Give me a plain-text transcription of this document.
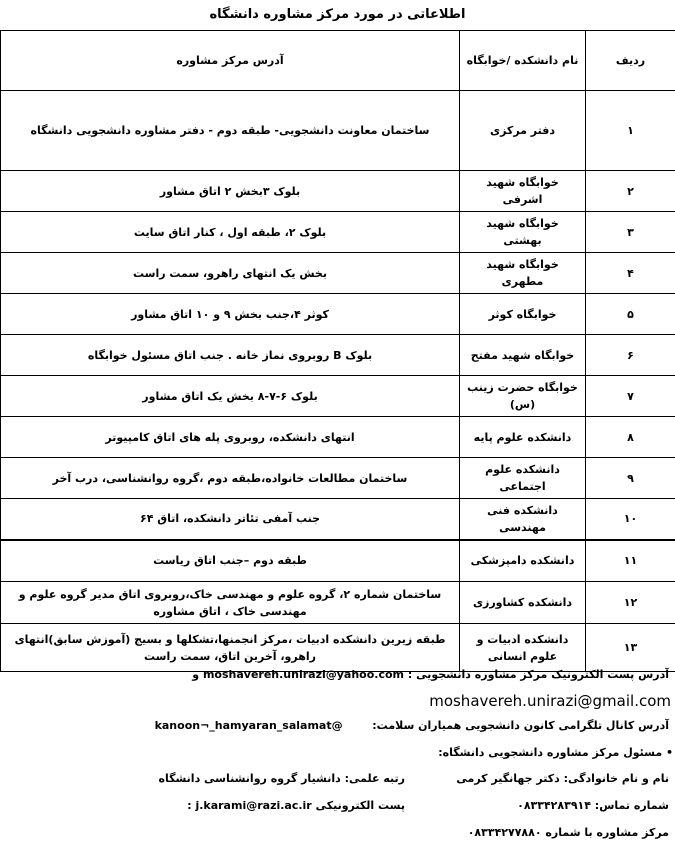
اطلاعاتی در مورد مرکز مشاوره دانشگاه
ردیف	نام دانشکده /خوابگاه	آدرس مرکز مشاوره
۱	دفتر مرکزی	ساختمان معاونت دانشجویی- طبقه دوم - دفتر مشاوره دانشجویی دانشگاه
۲	خوابگاه شهید اشرفی	بلوک ۳بخش ۲ اتاق مشاور
۳	خوابگاه شهید بهشتی	بلوک ۲، طبقه اول ، کنار اتاق سایت
۴	خوابگاه شهید مطهری	بخش یک انتهای راهرو، سمت راست
۵	خوابگاه کوثر	کوثر ۴،جنب بخش ۹ و ۱۰ اتاق مشاور
۶	خوابگاه شهید مفتح	بلوک B روبروی نماز خانه . جنب اتاق مسئول خوابگاه
۷	خوابگاه حضرت زینب (س)	بلوک ۶-۷-۸ بخش یک اتاق مشاور
۸	دانشکده علوم پایه	انتهای دانشکده، روبروی پله های اتاق کامپیوتر
۹	دانشکده علوم اجتماعی	ساختمان مطالعات خانواده،طبقه دوم ،گروه روانشناسی، درب آخر
۱۰	دانشکده فنی مهندسی	جنب آمفی تئاتر دانشکده، اتاق ۶۴
۱۱	دانشکده دامپزشکی	طبقه دوم –جنب اتاق ریاست
۱۲	دانشکده کشاورزی	ساختمان شماره ۲، گروه علوم و مهندسی خاک،روبروی اتاق مدیر گروه علوم و مهندسی خاک ، اتاق مشاوره
۱۳	دانشکده ادبیات و علوم انسانی	طبقه زیرین دانشکده ادبیات ،مرکز انجمنها،تشکلها و بسیج (آموزش سابق)انتهای راهرو، آخرین اتاق، سمت راست
آدرس پست الکترونیک مرکز مشاوره دانشجویی : moshavereh.unirazi@yahoo.com و
moshavereh.unirazi@gmail.com
آدرس کانال تلگرامی کانون دانشجویی همیاران سلامت:  kanoon¬_hamyaran_salamat@
• مسئول مرکز مشاوره دانشجویی دانشگاه:
نام و نام خانوادگی: دکتر جهانگیر کرمی
رتبه علمی: دانشیار گروه روانشناسی دانشگاه
شماره تماس: ۰۸۳۳۴۲۸۳۹۱۴
پست الکترونیکی : j.karami@razi.ac.ir
مرکز مشاوره با شماره ۰۸۳۳۴۲۷۷۸۸۰
